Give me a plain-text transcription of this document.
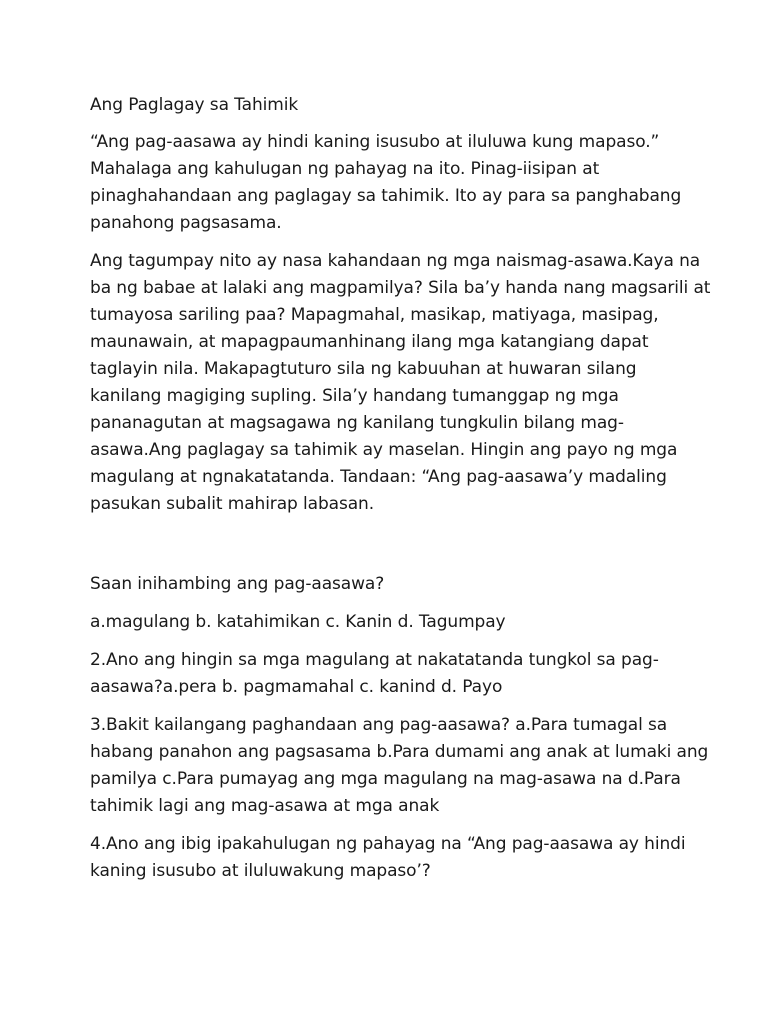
Ang Paglagay sa Tahimik
“Ang pag-aasawa ay hindi kaning isusubo at iluluwa kung mapaso.”
Mahalaga ang kahulugan ng pahayag na ito. Pinag-iisipan at
pinaghahandaan ang paglagay sa tahimik. Ito ay para sa panghabang
panahong pagsasama.
Ang tagumpay nito ay nasa kahandaan ng mga naismag-asawa.Kaya na
ba ng babae at lalaki ang magpamilya? Sila ba’y handa nang magsarili at
tumayosa sariling paa? Mapagmahal, masikap, matiyaga, masipag,
maunawain, at mapagpaumanhinang ilang mga katangiang dapat
taglayin nila. Makapagtuturo sila ng kabuuhan at huwaran silang
kanilang magiging supling. Sila’y handang tumanggap ng mga
pananagutan at magsagawa ng kanilang tungkulin bilang mag-
asawa.Ang paglagay sa tahimik ay maselan. Hingin ang payo ng mga
magulang at ngnakatatanda. Tandaan: “Ang pag-aasawa’y madaling
pasukan subalit mahirap labasan.
Saan inihambing ang pag-aasawa?
a.magulang b. katahimikan c. Kanin d. Tagumpay
2.Ano ang hingin sa mga magulang at nakatatanda tungkol sa pag-
aasawa?a.pera b. pagmamahal c. kanind d. Payo
3.Bakit kailangang paghandaan ang pag-aasawa? a.Para tumagal sa
habang panahon ang pagsasama b.Para dumami ang anak at lumaki ang
pamilya c.Para pumayag ang mga magulang na mag-asawa na d.Para
tahimik lagi ang mag-asawa at mga anak
4.Ano ang ibig ipakahulugan ng pahayag na “Ang pag-aasawa ay hindi
kaning isusubo at iluluwakung mapaso’?
